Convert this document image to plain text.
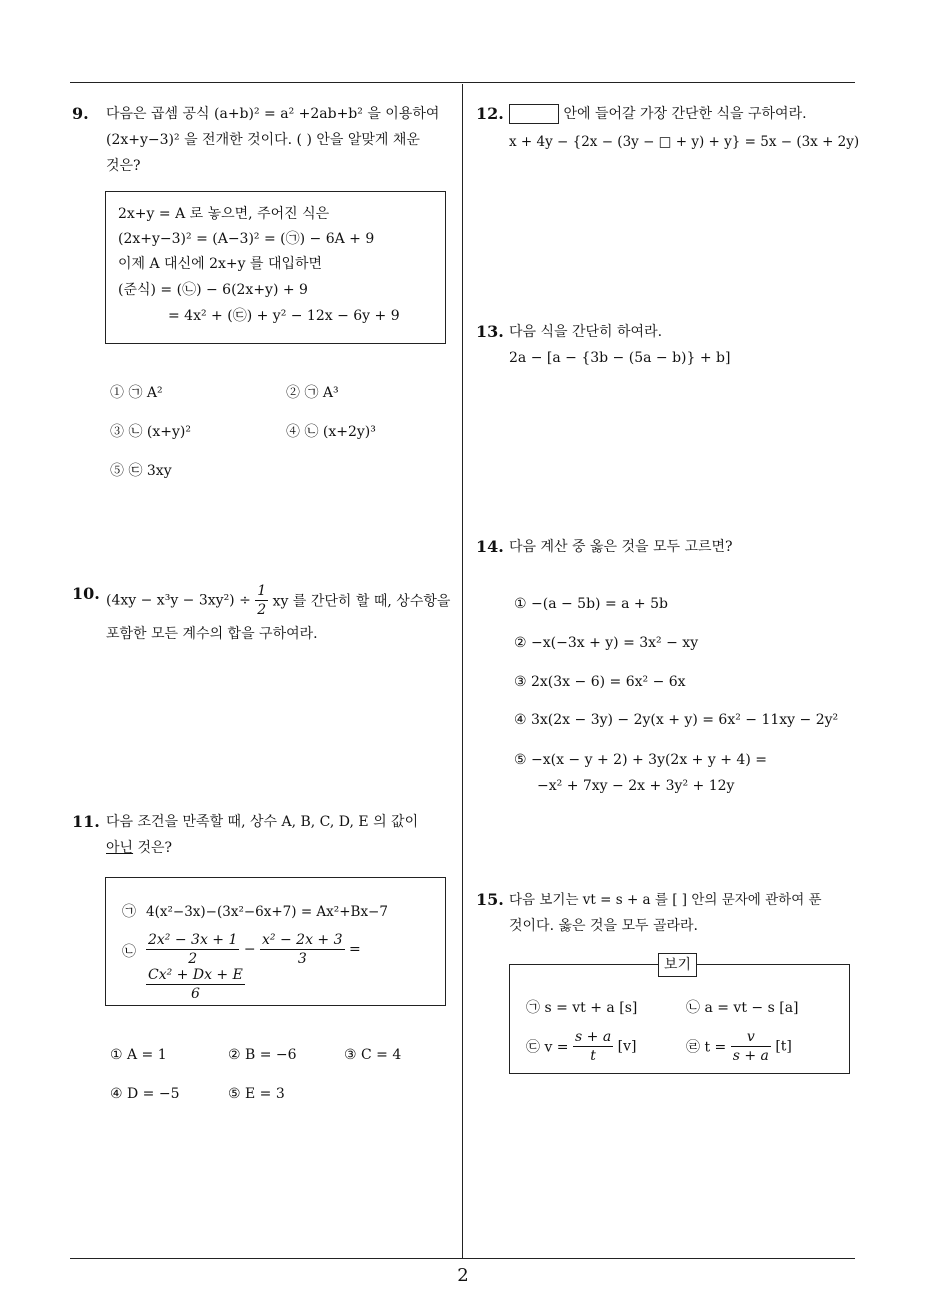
9. 다음은 곱셈 공식 (a+b)² = a² +2ab+b² 을 이용하여
(2x+y−3)² 을 전개한 것이다. ( ) 안을 알맞게 채운
것은?
2x+y = A 로 놓으면, 주어진 식은
(2x+y−3)² = (A−3)² = (㉠) − 6A + 9
이제 A 대신에 2x+y 를 대입하면
(준식) = (㉡) − 6(2x+y) + 9
= 4x² + (㉢) + y² − 12x − 6y + 9
① ㉠ A²	② ㉠ A³
③ ㉡ (x+y)²	④ ㉡ (x+2y)³
⑤ ㉢ 3xy
10. $(4xy - x^3y - 3xy^2) \div \frac{1}{2}$ xy 를 간단히 할 때, 상수항을
포함한 모든 계수의 합을 구하여라.
11. 다음 조건을 만족할 때, 상수 A, B, C, D, E 의 값이
아닌 것은?
㉠ 4(x²−3x)−(3x²−6x+7) = Ax²+Bx−7
㉡ $\frac{\text{2x² − 3x + 1}}{2} - \frac{\text{x² − 2x + 3}}{3}$ =
$\frac{\text{Cx² + Dx + E}}{6}$
① A = 1	② B = −6	③ C = 4
④ D = −5	⑤ E = 3
12.	안에 들어갈 가장 간단한 식을 구하여라.
x + 4y − {2x − (3y − □ + y) + y} = 5x − (3x + 2y)
13. 다음 식을 간단히 하여라.
2a − [a − {3b − (5a − b)} + b]
14. 다음 계산 중 옳은 것을 모두 고르면?
① −(a − 5b) = a + 5b
② −x(−3x + y) = 3x² − xy
③ 2x(3x − 6) = 6x² − 6x
④ 3x(2x − 3y) − 2y(x + y) = 6x² − 11xy − 2y²
⑤ −x(x − y + 2) + 3y(2x + y + 4) =
−x² + 7xy − 2x + 3y² + 12y
15. 다음 보기는 vt = s + a 를 [ ] 안의 문자에 관하여 푼
것이다. 옳은 것을 모두 골라라.
보기
㉠ s = vt + a [s]	㉡ a = vt − s [a]
㉢ $v = \frac{s + a}{t} [v]$	㉣ $t = \frac{v}{s + a} [t]$
2
